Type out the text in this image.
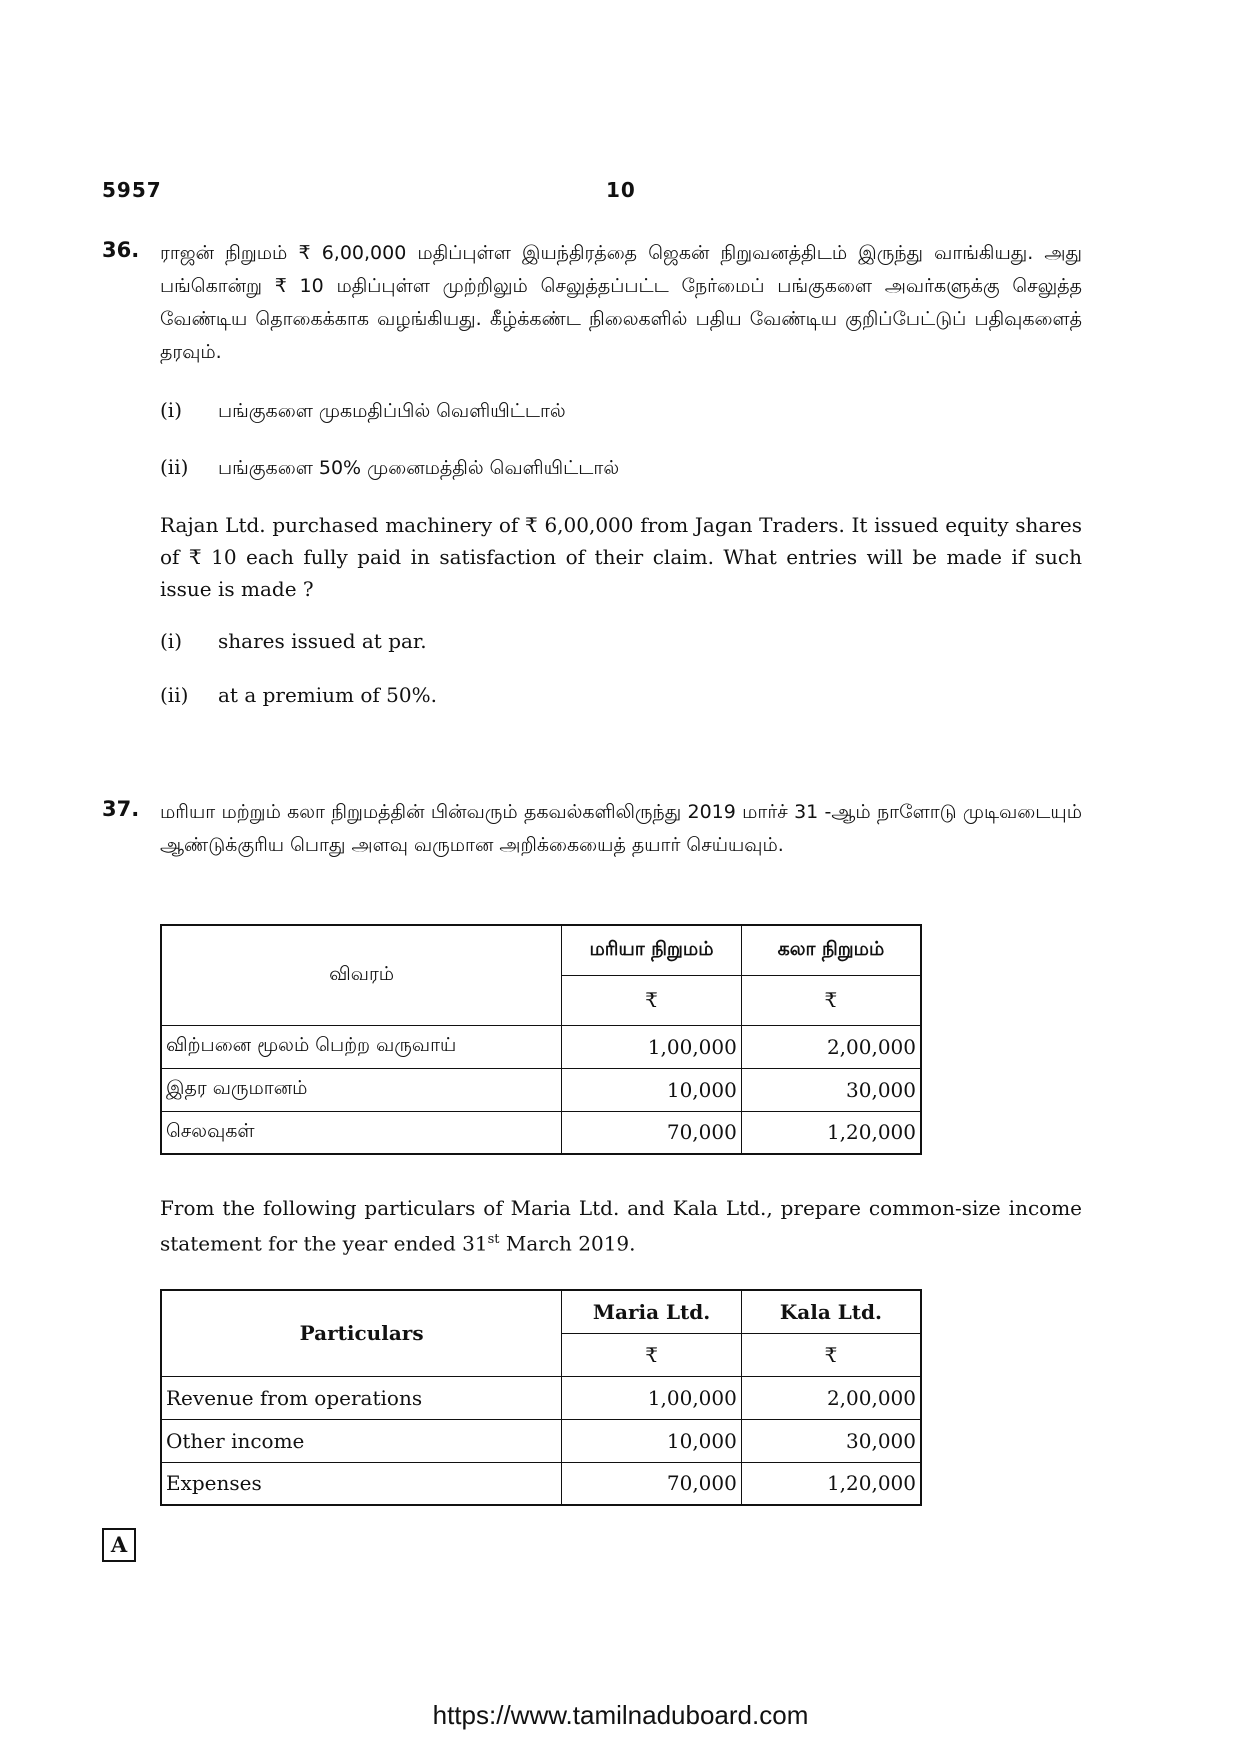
5957	10
36. ராஜன் நிறுமம் ₹ 6,00,000 மதிப்புள்ள இயந்திரத்தை ஜெகன் நிறுவனத்திடம் இருந்து வாங்கியது. அது பங்கொன்று ₹ 10 மதிப்புள்ள முற்றிலும் செலுத்தப்பட்ட நேர்மைப் பங்குகளை அவர்களுக்கு செலுத்த வேண்டிய தொகைக்காக வழங்கியது. கீழ்க்கண்ட நிலைகளில் பதிய வேண்டிய குறிப்பேட்டுப் பதிவுகளைத் தரவும்.
(i) பங்குகளை முகமதிப்பில் வெளியிட்டால்
(ii) பங்குகளை 50% முனைமத்தில் வெளியிட்டால்
Rajan Ltd. purchased machinery of ₹ 6,00,000 from Jagan Traders. It issued equity shares of ₹ 10 each fully paid in satisfaction of their claim. What entries will be made if such issue is made ?
(i) shares issued at par.
(ii) at a premium of 50%.
37. மரியா மற்றும் கலா நிறுமத்தின் பின்வரும் தகவல்களிலிருந்து 2019 மார்ச் 31 -ஆம் நாளோடு முடிவடையும் ஆண்டுக்குரிய பொது அளவு வருமான அறிக்கையைத் தயார் செய்யவும்.
விவரம்	மரியா நிறுமம்	கலா நிறுமம்
	₹	₹
விற்பனை மூலம் பெற்ற வருவாய்	1,00,000	2,00,000
இதர வருமானம்	10,000	30,000
செலவுகள்	70,000	1,20,000
From the following particulars of Maria Ltd. and Kala Ltd., prepare common-size income statement for the year ended 31st March 2019.
Particulars	Maria Ltd.	Kala Ltd.
	₹	₹
Revenue from operations	1,00,000	2,00,000
Other income	10,000	30,000
Expenses	70,000	1,20,000
A
https://www.tamilnaduboard.com
